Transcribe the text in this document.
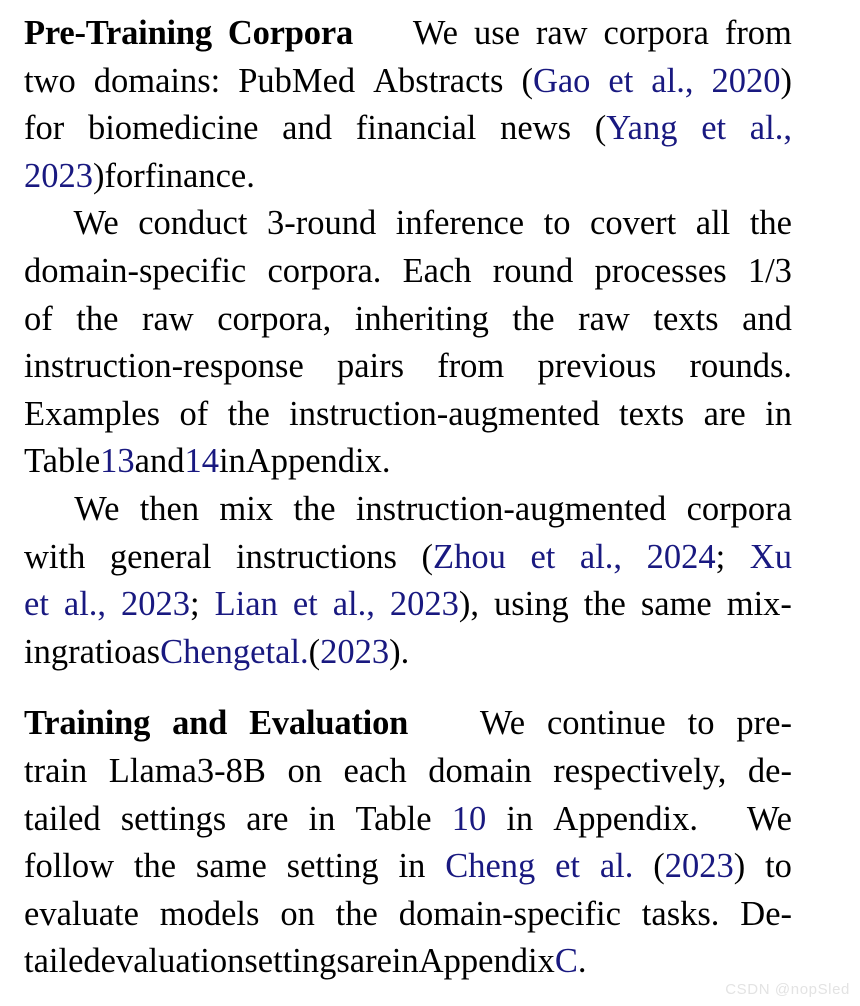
Pre-Training Corpora We use raw corpora from
two domains: PubMed Abstracts (Gao et al., 2020)
for biomedicine and financial news (Yang et al.,
2023) for finance.
We conduct 3-round inference to covert all the
domain-specific corpora. Each round processes 1/3
of the raw corpora, inheriting the raw texts and
instruction-response pairs from previous rounds.
Examples of the instruction-augmented texts are in
Table 13 and 14 in Appendix.
We then mix the instruction-augmented corpora
with general instructions (Zhou et al., 2024; Xu
et al., 2023; Lian et al., 2023), using the same mix-
ing ratio as Cheng et al. (2023).
Training and Evaluation We continue to pre-
train Llama3-8B on each domain respectively, de-
tailed settings are in Table 10 in Appendix.
We
follow the same setting in Cheng et al. (2023) to
evaluate models on the domain-specific tasks. De-
tailed evaluation settings are in Appendix C.
CSDN @nopSled
